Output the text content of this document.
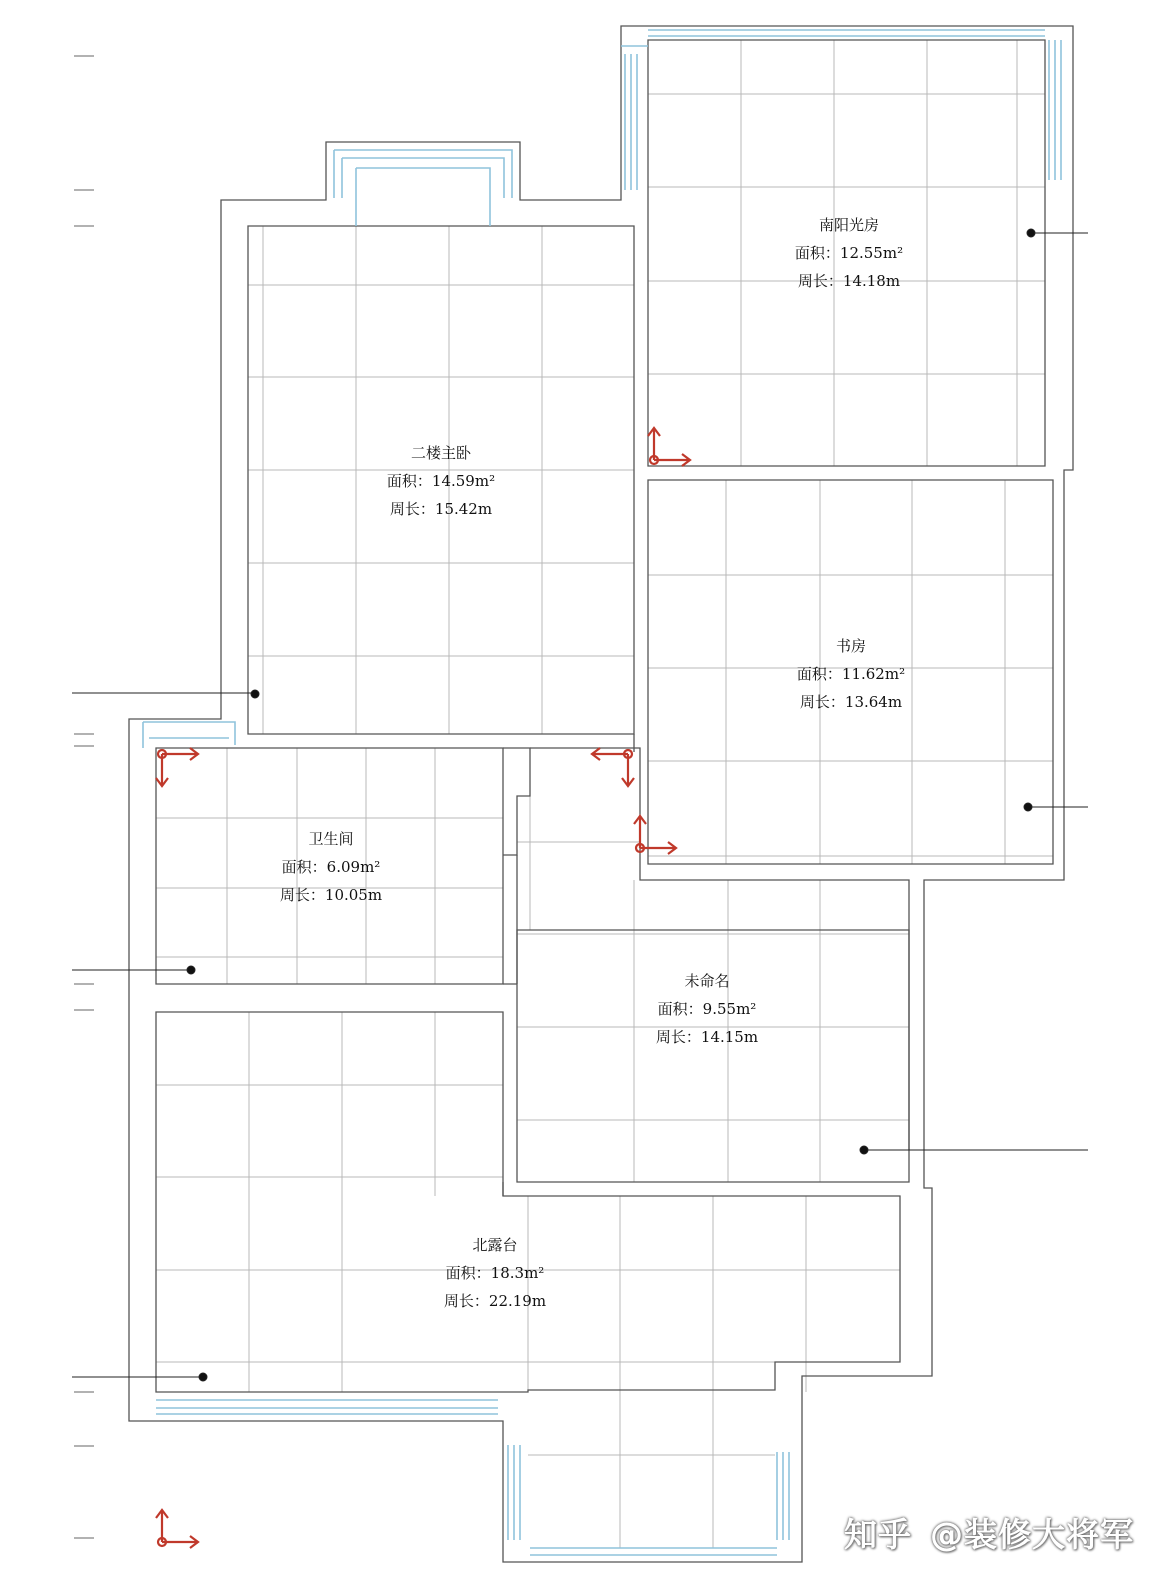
南阳光房
面积：12.55m²
周长：14.18m
二楼主卧
面积：14.59m²
周长：15.42m
书房
面积：11.62m²
周长：13.64m
卫生间
面积：6.09m²
周长：10.05m
未命名
面积：9.55m²
周长：14.15m
北露台
面积：18.3m²
周长：22.19m
知乎 @装修大将军
